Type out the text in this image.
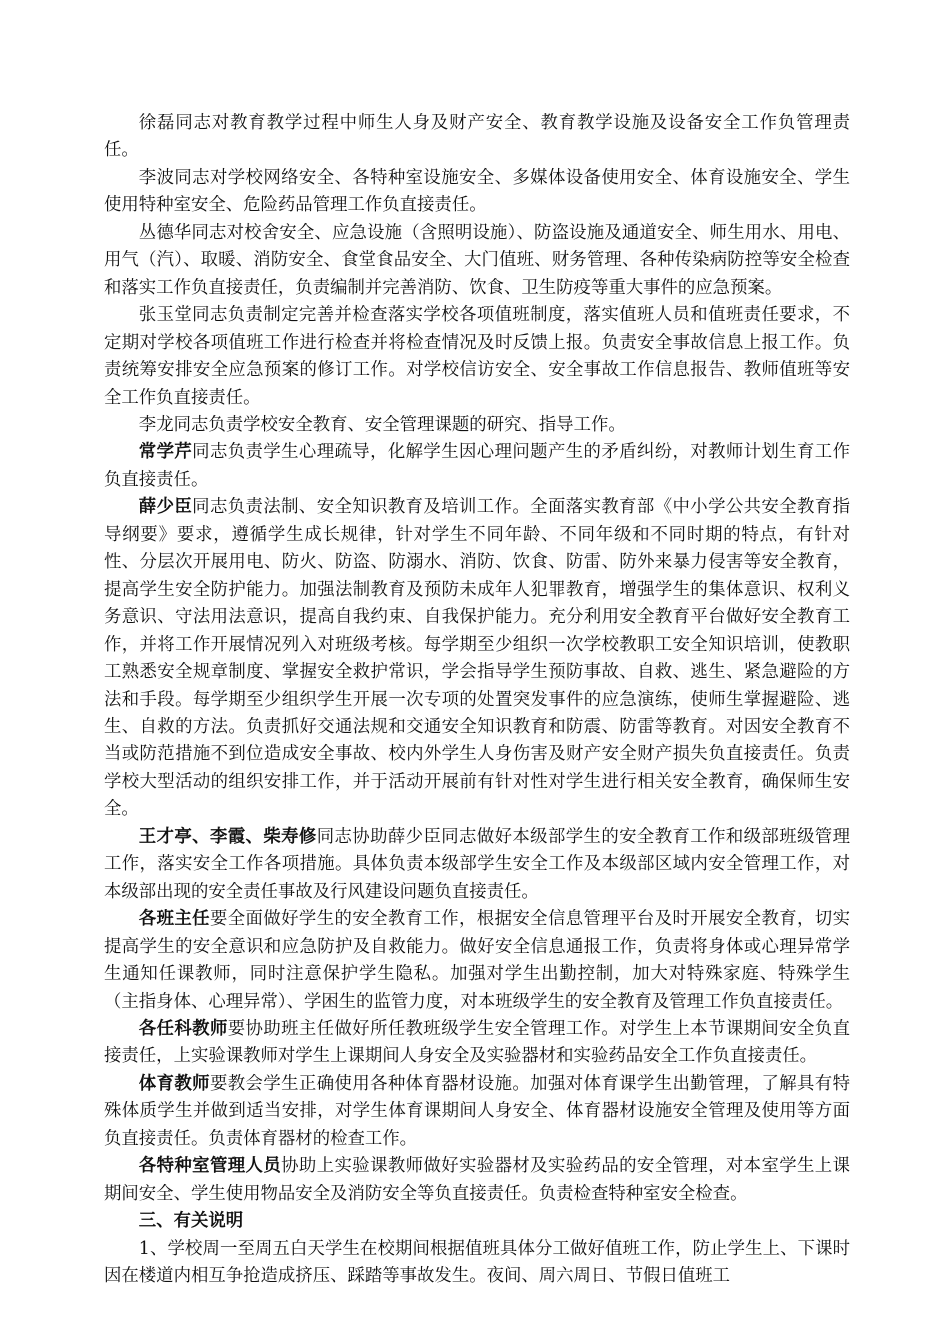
徐磊同志对教育教学过程中师生人身及财产安全、教育教学设施及设备安全工作负管理责任。

李波同志对学校网络安全、各特种室设施安全、多媒体设备使用安全、体育设施安全、学生使用特种室安全、危险药品管理工作负直接责任。

丛德华同志对校舍安全、应急设施（含照明设施）、防盗设施及通道安全、师生用水、用电、用气（汽）、取暖、消防安全、食堂食品安全、大门值班、财务管理、各种传染病防控等安全检查和落实工作负直接责任，负责编制并完善消防、饮食、卫生防疫等重大事件的应急预案。

张玉堂同志负责制定完善并检查落实学校各项值班制度，落实值班人员和值班责任要求，不定期对学校各项值班工作进行检查并将检查情况及时反馈上报。负责安全事故信息上报工作。负责统筹安排安全应急预案的修订工作。对学校信访安全、安全事故工作信息报告、教师值班等安全工作负直接责任。

李龙同志负责学校安全教育、安全管理课题的研究、指导工作。

常学芹同志负责学生心理疏导，化解学生因心理问题产生的矛盾纠纷，对教师计划生育工作负直接责任。

薛少臣同志负责法制、安全知识教育及培训工作。全面落实教育部《中小学公共安全教育指导纲要》要求，遵循学生成长规律，针对学生不同年龄、不同年级和不同时期的特点，有针对性、分层次开展用电、防火、防盗、防溺水、消防、饮食、防雷、防外来暴力侵害等安全教育，提高学生安全防护能力。加强法制教育及预防未成年人犯罪教育，增强学生的集体意识、权利义务意识、守法用法意识，提高自我约束、自我保护能力。充分利用安全教育平台做好安全教育工作，并将工作开展情况列入对班级考核。每学期至少组织一次学校教职工安全知识培训，使教职工熟悉安全规章制度、掌握安全救护常识，学会指导学生预防事故、自救、逃生、紧急避险的方法和手段。每学期至少组织学生开展一次专项的处置突发事件的应急演练，使师生掌握避险、逃生、自救的方法。负责抓好交通法规和交通安全知识教育和防震、防雷等教育。对因安全教育不当或防范措施不到位造成安全事故、校内外学生人身伤害及财产安全财产损失负直接责任。负责学校大型活动的组织安排工作，并于活动开展前有针对性对学生进行相关安全教育，确保师生安全。

王才亭、李霞、柴寿修同志协助薛少臣同志做好本级部学生的安全教育工作和级部班级管理工作，落实安全工作各项措施。具体负责本级部学生安全工作及本级部区域内安全管理工作，对本级部出现的安全责任事故及行风建设问题负直接责任。

各班主任要全面做好学生的安全教育工作，根据安全信息管理平台及时开展安全教育，切实提高学生的安全意识和应急防护及自救能力。做好安全信息通报工作，负责将身体或心理异常学生通知任课教师，同时注意保护学生隐私。加强对学生出勤控制，加大对特殊家庭、特殊学生（主指身体、心理异常）、学困生的监管力度，对本班级学生的安全教育及管理工作负直接责任。

各任科教师要协助班主任做好所任教班级学生安全管理工作。对学生上本节课期间安全负直接责任，上实验课教师对学生上课期间人身安全及实验器材和实验药品安全工作负直接责任。

体育教师要教会学生正确使用各种体育器材设施。加强对体育课学生出勤管理，了解具有特殊体质学生并做到适当安排，对学生体育课期间人身安全、体育器材设施安全管理及使用等方面负直接责任。负责体育器材的检查工作。

各特种室管理人员协助上实验课教师做好实验器材及实验药品的安全管理，对本室学生上课期间安全、学生使用物品安全及消防安全等负直接责任。负责检查特种室安全检查。

三、有关说明

1、学校周一至周五白天学生在校期间根据值班具体分工做好值班工作，防止学生上、下课时因在楼道内相互争抢造成挤压、踩踏等事故发生。夜间、周六周日、节假日值班工
